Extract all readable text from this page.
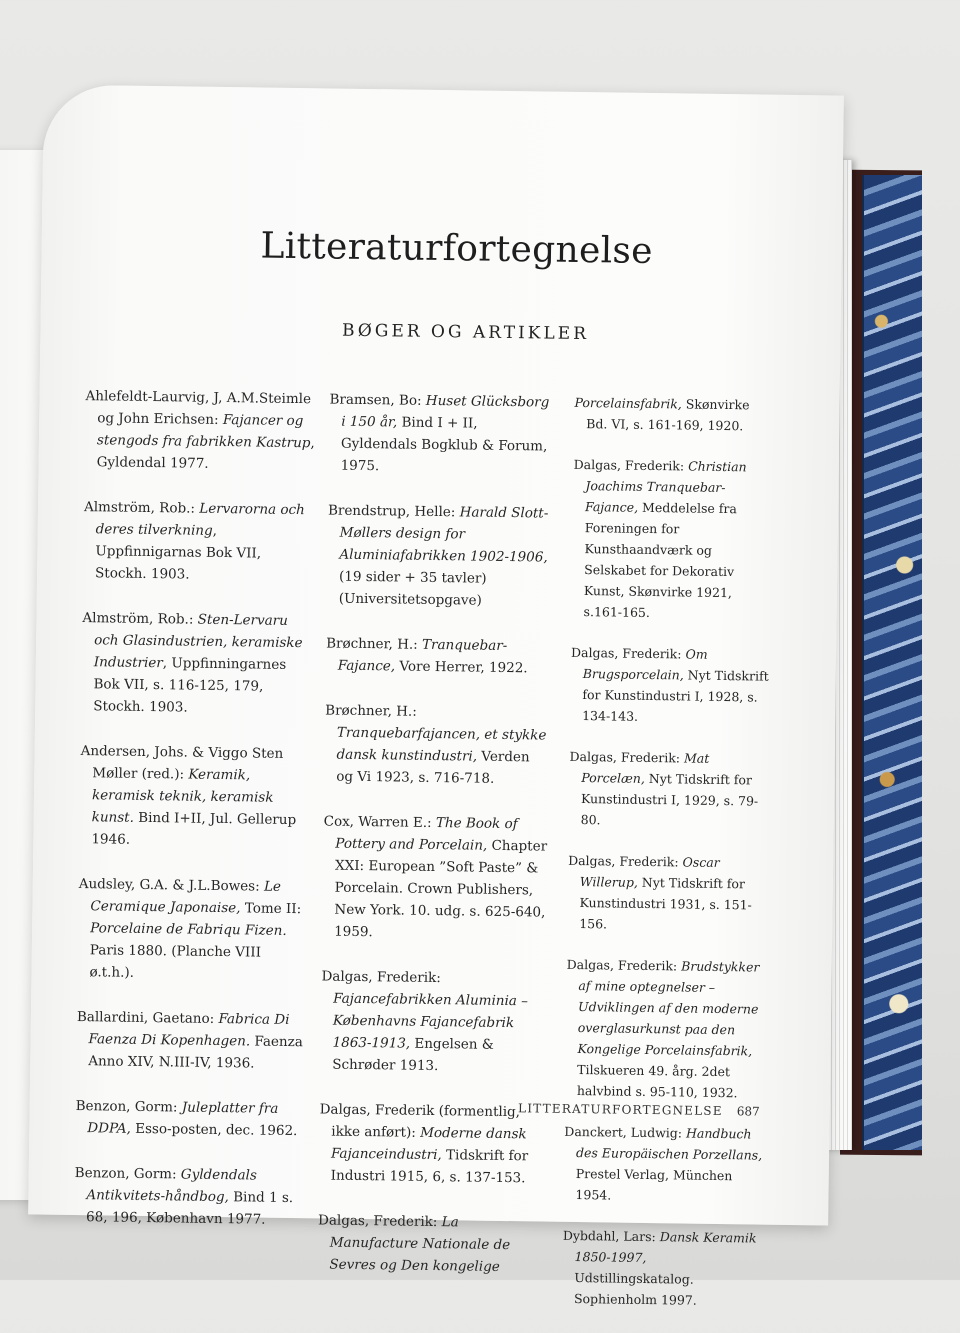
Litteraturfortegnelse
BØGER OG ARTIKLER

Ahlefeldt-Laurvig, J, A.M.Steimle og John Erichsen: Fajancer og stengods fra fabrikken Kastrup, Gyldendal 1977.

Almström, Rob.: Lervarorna och deres tilverkning, Uppfinnigarnas Bok VII, Stockh. 1903.

Almström, Rob.: Sten-Lervaru och Glasindustrien, keramiske Industrier, Uppfinningarnes Bok VII, s. 116-125, 179, Stockh. 1903.

Andersen, Johs. & Viggo Sten Møller (red.): Keramik, keramisk teknik, keramisk kunst. Bind I+II, Jul. Gellerup 1946.

Audsley, G.A. & J.L.Bowes: Le Ceramique Japonaise, Tome II: Porcelaine de Fabriqu Fizen. Paris 1880. (Planche VIII ø.t.h.).

Ballardini, Gaetano: Fabrica Di Faenza Di Kopenhagen. Faenza Anno XIV, N.III-IV, 1936.

Benzon, Gorm: Juleplatter fra DDPA, Esso-posten, dec. 1962.

Benzon, Gorm: Gyldendals Antikvitets-håndbog, Bind 1 s. 68, 196, København 1977.

Bramsen, Bo: Huset Glücksborg i 150 år, Bind I + II, Gyldendals Bogklub & Forum, 1975.

Brendstrup, Helle: Harald Slott-Møllers design for Aluminiafabrikken 1902-1906, (19 sider + 35 tavler) (Universitetsopgave)

Brøchner, H.: Tranquebar-Fajance, Vore Herrer, 1922.

Brøchner, H.: Tranquebarfajancen, et stykke dansk kunstindustri, Verden og Vi 1923, s. 716-718.

Cox, Warren E.: The Book of Pottery and Porcelain, Chapter XXI: European ”Soft Paste” & Porcelain. Crown Publishers, New York. 10. udg. s. 625-640, 1959.

Dalgas, Frederik: Fajancefabrikken Aluminia – Københavns Fajancefabrik 1863-1913, Engelsen & Schrøder 1913.

Dalgas, Frederik (formentlig, ikke anført): Moderne dansk Fajanceindustri, Tidskrift for Industri 1915, 6, s. 137-153.

Dalgas, Frederik: La Manufacture Nationale de Sevres og Den kongelige

Porcelainsfabrik, Skønvirke Bd. VI, s. 161-169, 1920.

Dalgas, Frederik: Christian Joachims Tranquebar-Fajance, Meddelelse fra Foreningen for Kunsthaandværk og Selskabet for Dekorativ Kunst, Skønvirke 1921, s.161-165.

Dalgas, Frederik: Om Brugsporcelain, Nyt Tidskrift for Kunstindustri I, 1928, s. 134-143.

Dalgas, Frederik: Mat Porcelæn, Nyt Tidskrift for Kunstindustri I, 1929, s. 79-80.

Dalgas, Frederik: Oscar Willerup, Nyt Tidskrift for Kunstindustri 1931, s. 151-156.

Dalgas, Frederik: Brudstykker af mine optegnelser – Udviklingen af den moderne overglasurkunst paa den Kongelige Porcelainsfabrik, Tilskueren 49. årg. 2det halvbind s. 95-110, 1932.

Danckert, Ludwig: Handbuch des Europäischen Porzellans, Prestel Verlag, München 1954.

Dybdahl, Lars: Dansk Keramik 1850-1997, Udstillingskatalog. Sophienholm 1997.

LITTERATURFORTEGNELSE 687
